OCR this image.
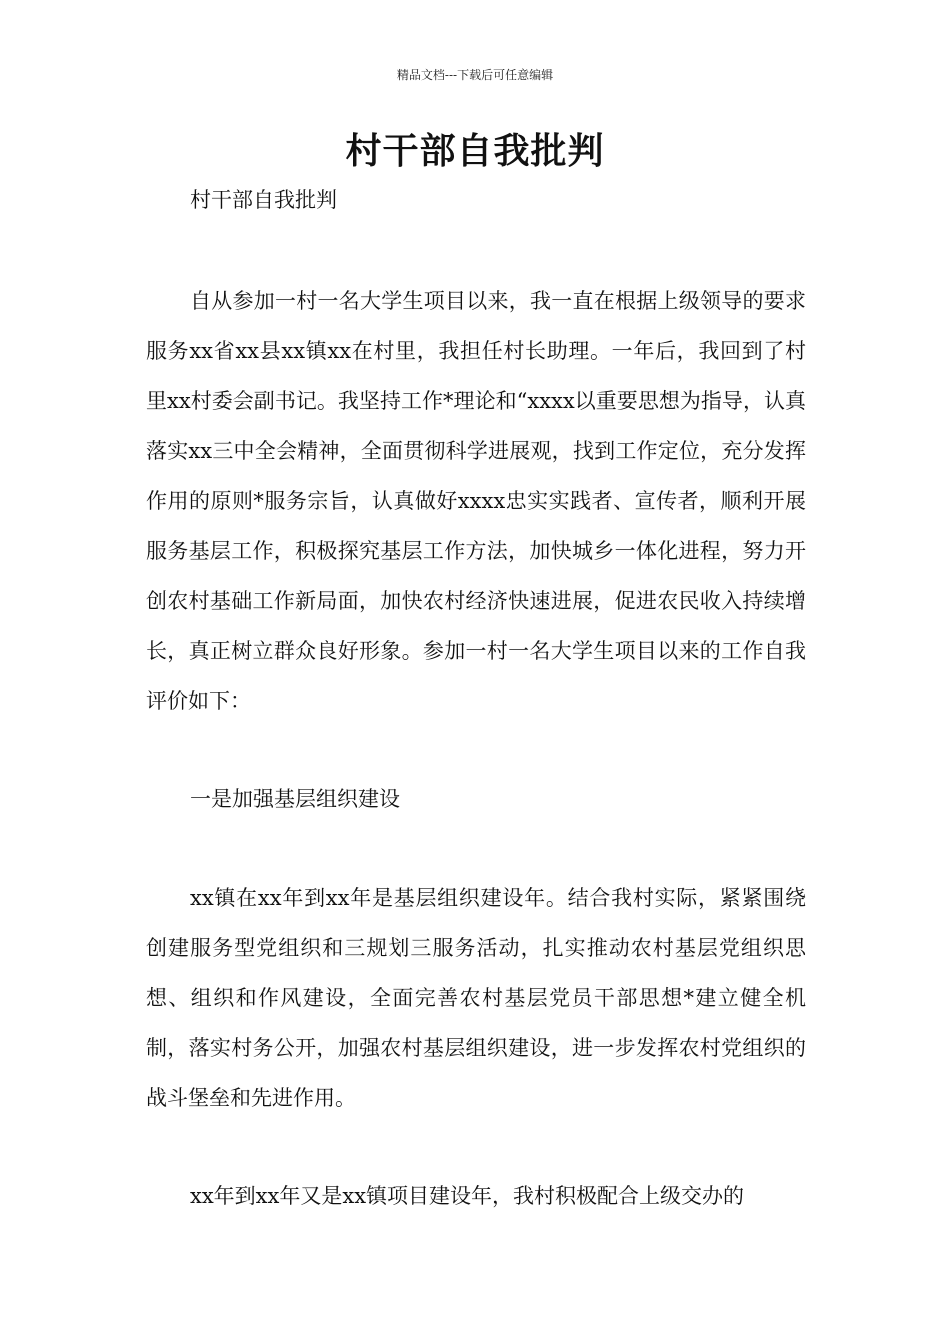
精品文档---下载后可任意编辑
村干部自我批判

村干部自我批判

自从参加一村一名大学生项目以来，我一直在根据上级领导的要求服务xx省xx县xx镇xx在村里，我担任村长助理。一年后，我回到了村里xx村委会副书记。我坚持工作*理论和“xxxx以重要思想为指导，认真落实xx三中全会精神，全面贯彻科学进展观，找到工作定位，充分发挥作用的原则*服务宗旨，认真做好xxxx忠实实践者、宣传者，顺利开展服务基层工作，积极探究基层工作方法，加快城乡一体化进程，努力开创农村基础工作新局面，加快农村经济快速进展，促进农民收入持续增长，真正树立群众良好形象。参加一村一名大学生项目以来的工作自我评价如下：

一是加强基层组织建设

xx镇在xx年到xx年是基层组织建设年。结合我村实际，紧紧围绕创建服务型党组织和三规划三服务活动，扎实推动农村基层党组织思想、组织和作风建设，全面完善农村基层党员干部思想*建立健全机制，落实村务公开，加强农村基层组织建设，进一步发挥农村党组织的战斗堡垒和先进作用。

xx年到xx年又是xx镇项目建设年，我村积极配合上级交办的
